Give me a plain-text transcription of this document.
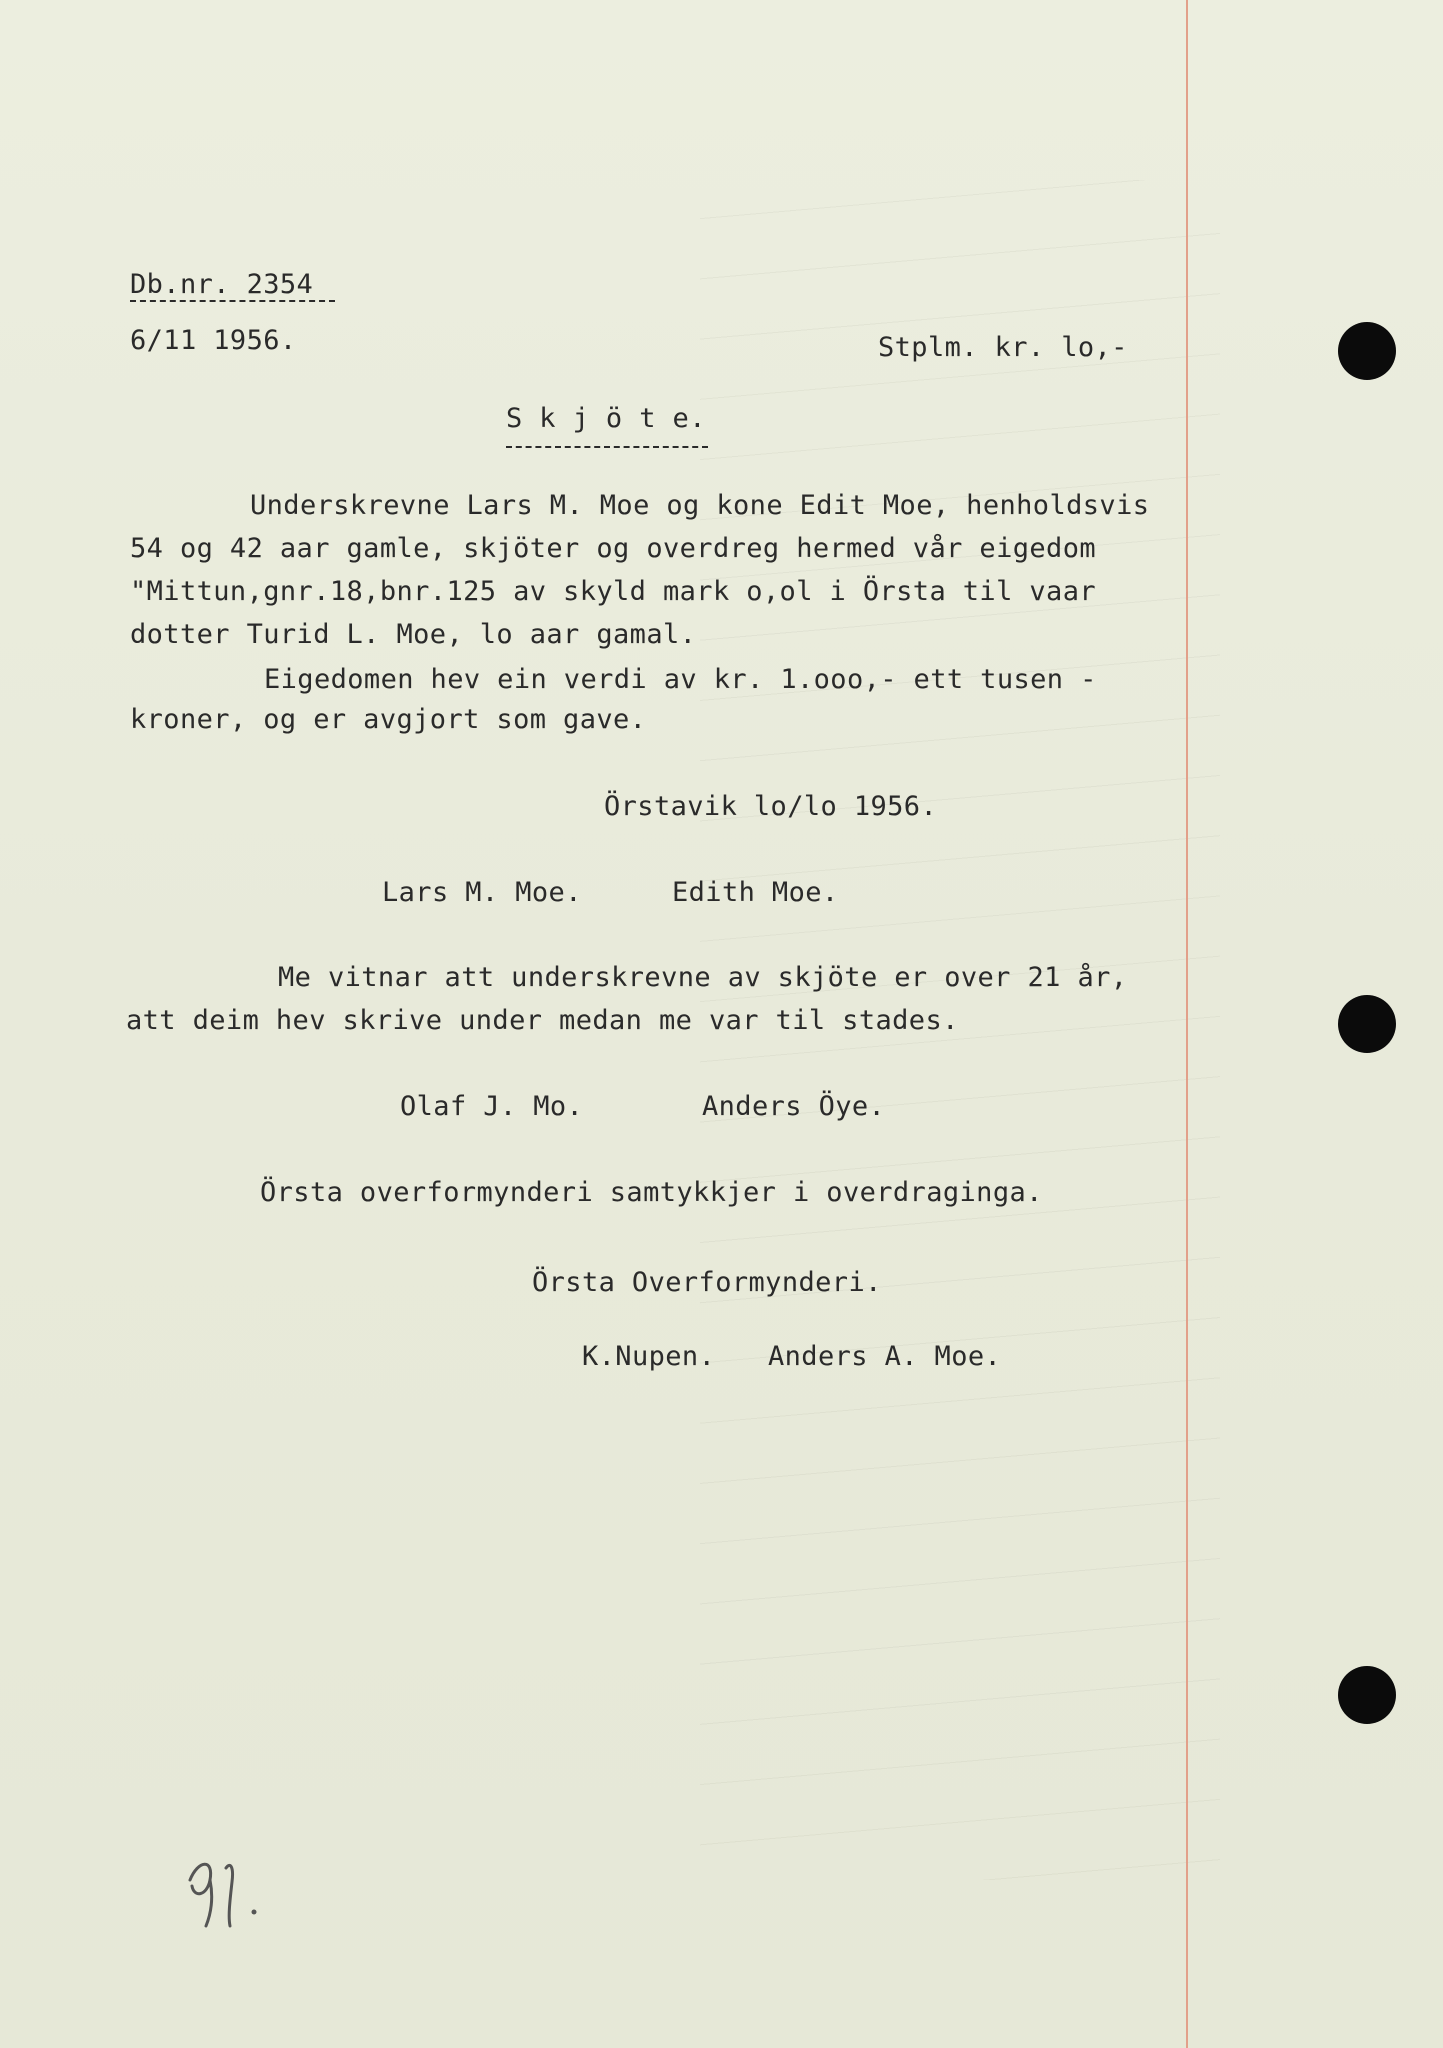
Db.nr. 2354

6/11 1956.	Stplm. kr. lo,-

S k j ö t e.

Underskrevne Lars M. Moe og kone Edit Moe, henholdsvis

54 og 42 aar gamle, skjöter og overdreg hermed vår eigedom

"Mittun,gnr.18,bnr.125 av skyld mark o,ol i Örsta til vaar

dotter Turid L. Moe, lo aar gamal.

Eigedomen hev ein verdi av kr. 1.ooo,- ett tusen -

kroner, og er avgjort som gave.

Örstavik lo/lo 1956.

Lars M. Moe.	Edith Moe.

Me vitnar att underskrevne av skjöte er over 21 år,

att deim hev skrive under medan me var til stades.

Olaf J. Mo.	Anders Öye.

Örsta overformynderi samtykkjer i overdraginga.

Örsta Overformynderi.

K.Nupen. Anders A. Moe.
